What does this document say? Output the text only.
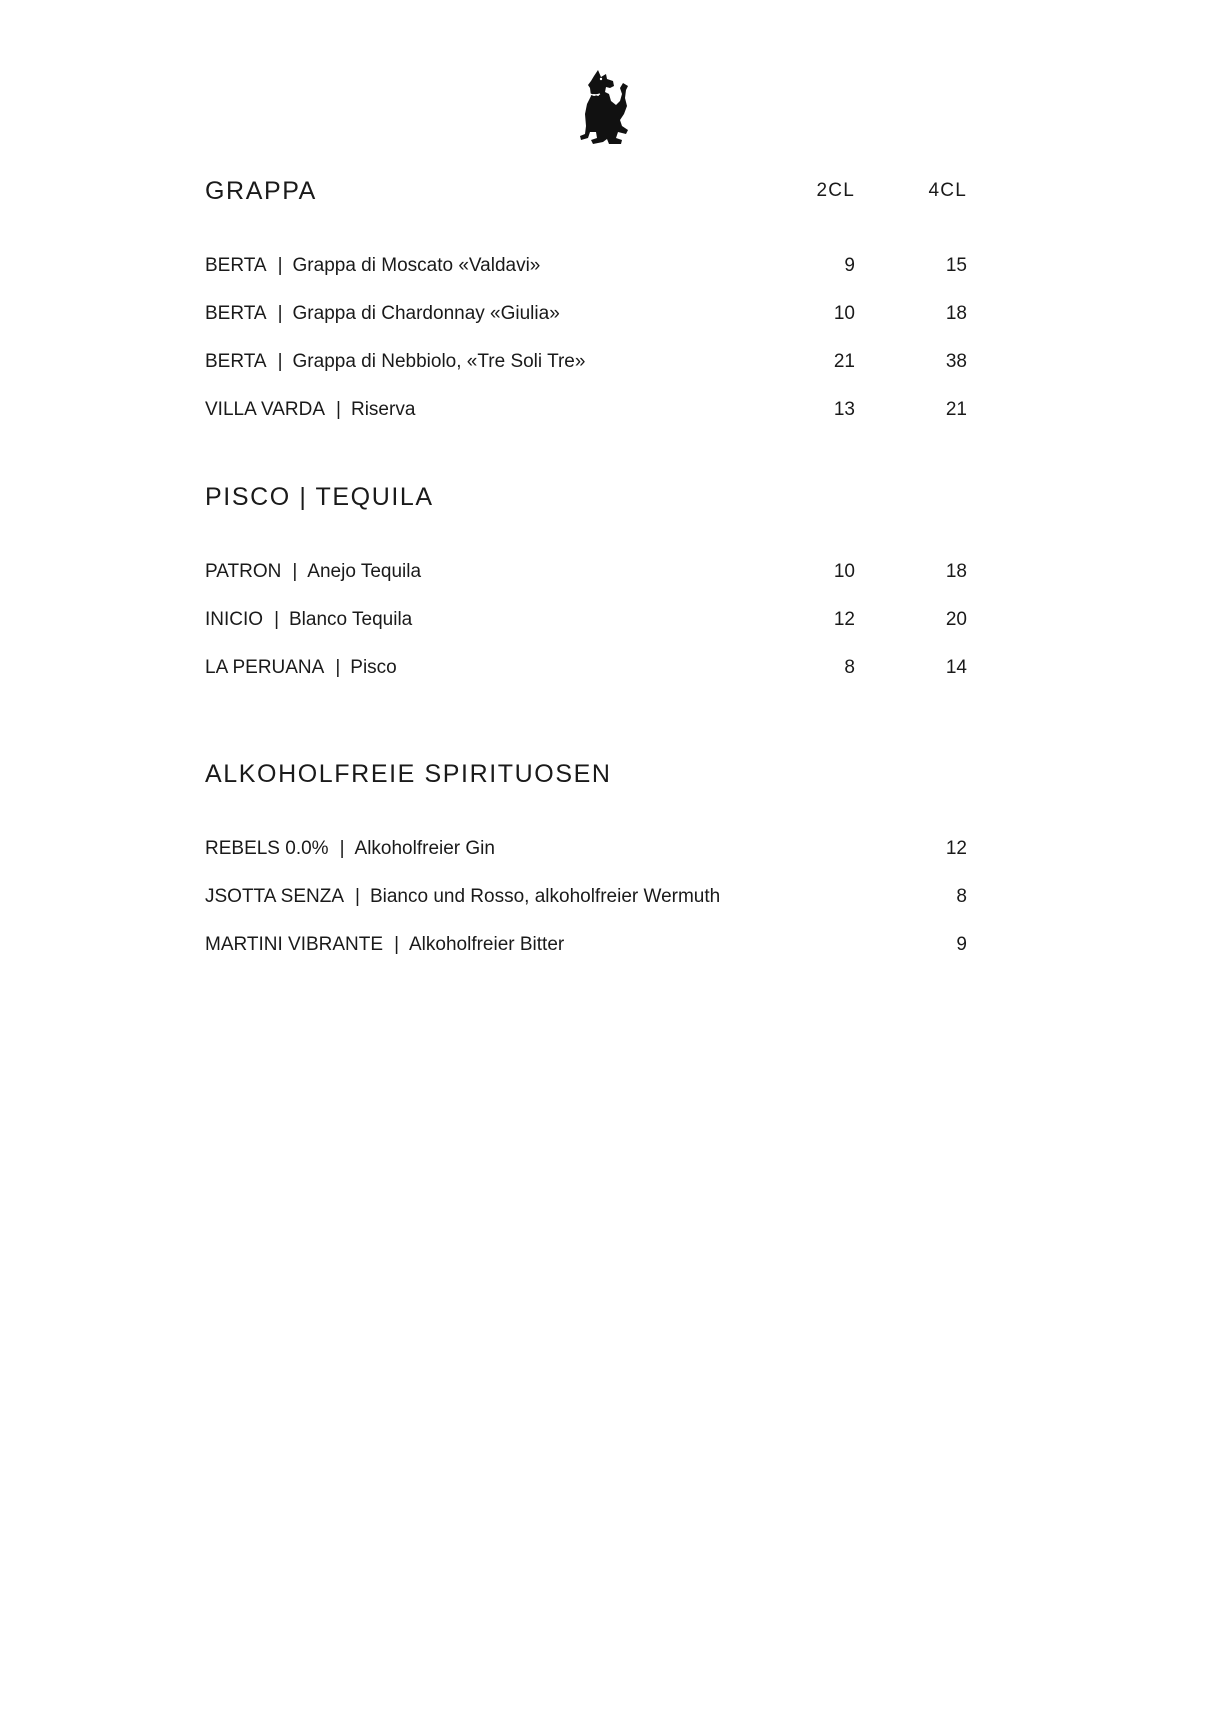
GRAPPA	2CL	4CL
BERTA | Grappa di Moscato «Valdavi»	9	15
BERTA | Grappa di Chardonnay «Giulia»	10	18
BERTA | Grappa di Nebbiolo, «Tre Soli Tre»	21	38
VILLA VARDA | Riserva	13	21
PISCO | TEQUILA
PATRON | Anejo Tequila	10	18
INICIO | Blanco Tequila	12	20
LA PERUANA | Pisco	8	14
ALKOHOLFREIE SPIRITUOSEN
REBELS 0.0% | Alkoholfreier Gin	12
JSOTTA SENZA | Bianco und Rosso, alkoholfreier Wermuth	8
MARTINI VIBRANTE | Alkoholfreier Bitter	9
